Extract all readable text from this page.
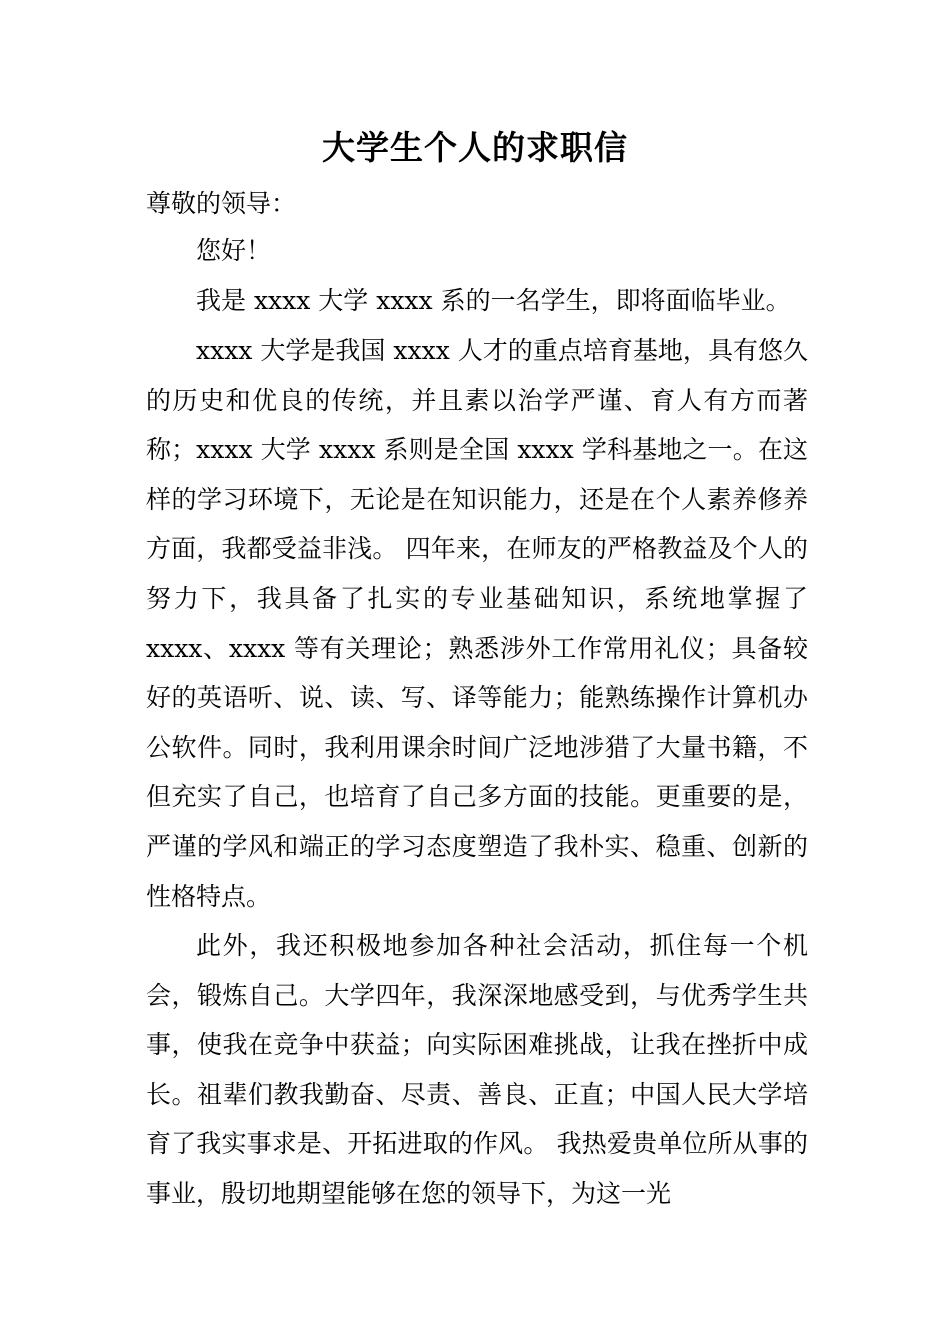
大学生个人的求职信

尊敬的领导：

您好！

我是 xxxx 大学 xxxx 系的一名学生，即将面临毕业。

xxxx 大学是我国 xxxx 人才的重点培育基地，具有悠久的历史和优良的传统，并且素以治学严谨、育人有方而著称；xxxx 大学 xxxx 系则是全国 xxxx 学科基地之一。在这样的学习环境下，无论是在知识能力，还是在个人素养修养方面，我都受益非浅。 四年来，在师友的严格教益及个人的努力下，我具备了扎实的专业基础知识，系统地掌握了 xxxx、xxxx 等有关理论；熟悉涉外工作常用礼仪；具备较好的英语听、说、读、写、译等能力；能熟练操作计算机办公软件。同时，我利用课余时间广泛地涉猎了大量书籍，不但充实了自己，也培育了自己多方面的技能。更重要的是，严谨的学风和端正的学习态度塑造了我朴实、稳重、创新的性格特点。

此外，我还积极地参加各种社会活动，抓住每一个机会，锻炼自己。大学四年，我深深地感受到，与优秀学生共事，使我在竞争中获益；向实际困难挑战，让我在挫折中成长。祖辈们教我勤奋、尽责、善良、正直；中国人民大学培育了我实事求是、开拓进取的作风。 我热爱贵单位所从事的事业，殷切地期望能够在您的领导下，为这一光
